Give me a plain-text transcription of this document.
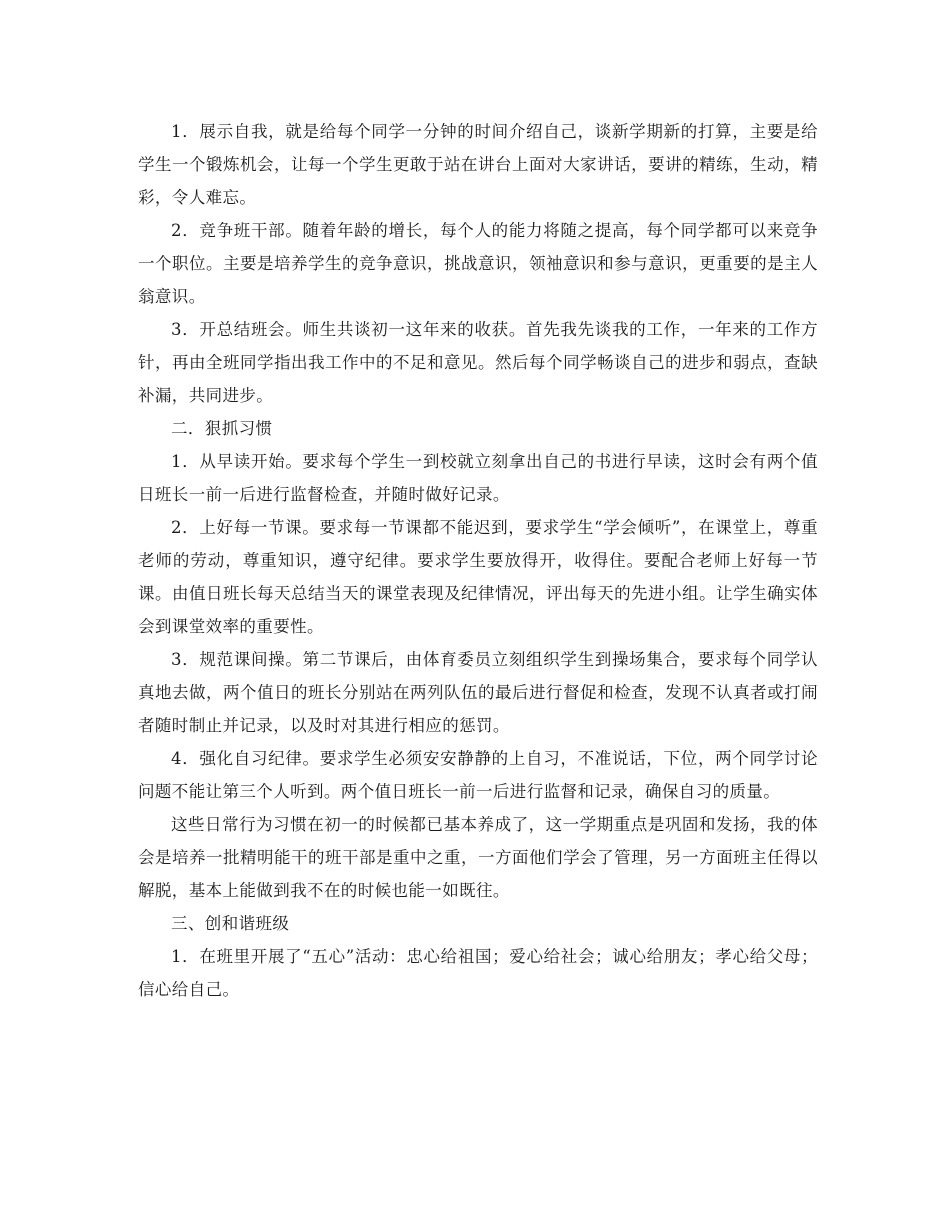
1．展示自我，就是给每个同学一分钟的时间介绍自己，谈新学期新的打算，主要是给学生一个锻炼机会，让每一个学生更敢于站在讲台上面对大家讲话，要讲的精练，生动，精彩，令人难忘。

2．竞争班干部。随着年龄的增长，每个人的能力将随之提高，每个同学都可以来竞争一个职位。主要是培养学生的竞争意识，挑战意识，领袖意识和参与意识，更重要的是主人翁意识。

3．开总结班会。师生共谈初一这年来的收获。首先我先谈我的工作，一年来的工作方针，再由全班同学指出我工作中的不足和意见。然后每个同学畅谈自己的进步和弱点，查缺补漏，共同进步。

二．狠抓习惯

1．从早读开始。要求每个学生一到校就立刻拿出自己的书进行早读，这时会有两个值日班长一前一后进行监督检查，并随时做好记录。

2．上好每一节课。要求每一节课都不能迟到，要求学生“学会倾听”，在课堂上，尊重老师的劳动，尊重知识，遵守纪律。要求学生要放得开，收得住。要配合老师上好每一节课。由值日班长每天总结当天的课堂表现及纪律情况，评出每天的先进小组。让学生确实体会到课堂效率的重要性。

3．规范课间操。第二节课后，由体育委员立刻组织学生到操场集合，要求每个同学认真地去做，两个值日的班长分别站在两列队伍的最后进行督促和检查，发现不认真者或打闹者随时制止并记录，以及时对其进行相应的惩罚。

4．强化自习纪律。要求学生必须安安静静的上自习，不准说话，下位，两个同学讨论问题不能让第三个人听到。两个值日班长一前一后进行监督和记录，确保自习的质量。

这些日常行为习惯在初一的时候都已基本养成了，这一学期重点是巩固和发扬，我的体会是培养一批精明能干的班干部是重中之重，一方面他们学会了管理，另一方面班主任得以解脱，基本上能做到我不在的时候也能一如既往。

三、创和谐班级

1．在班里开展了“五心”活动：忠心给祖国；爱心给社会；诚心给朋友；孝心给父母；信心给自己。
